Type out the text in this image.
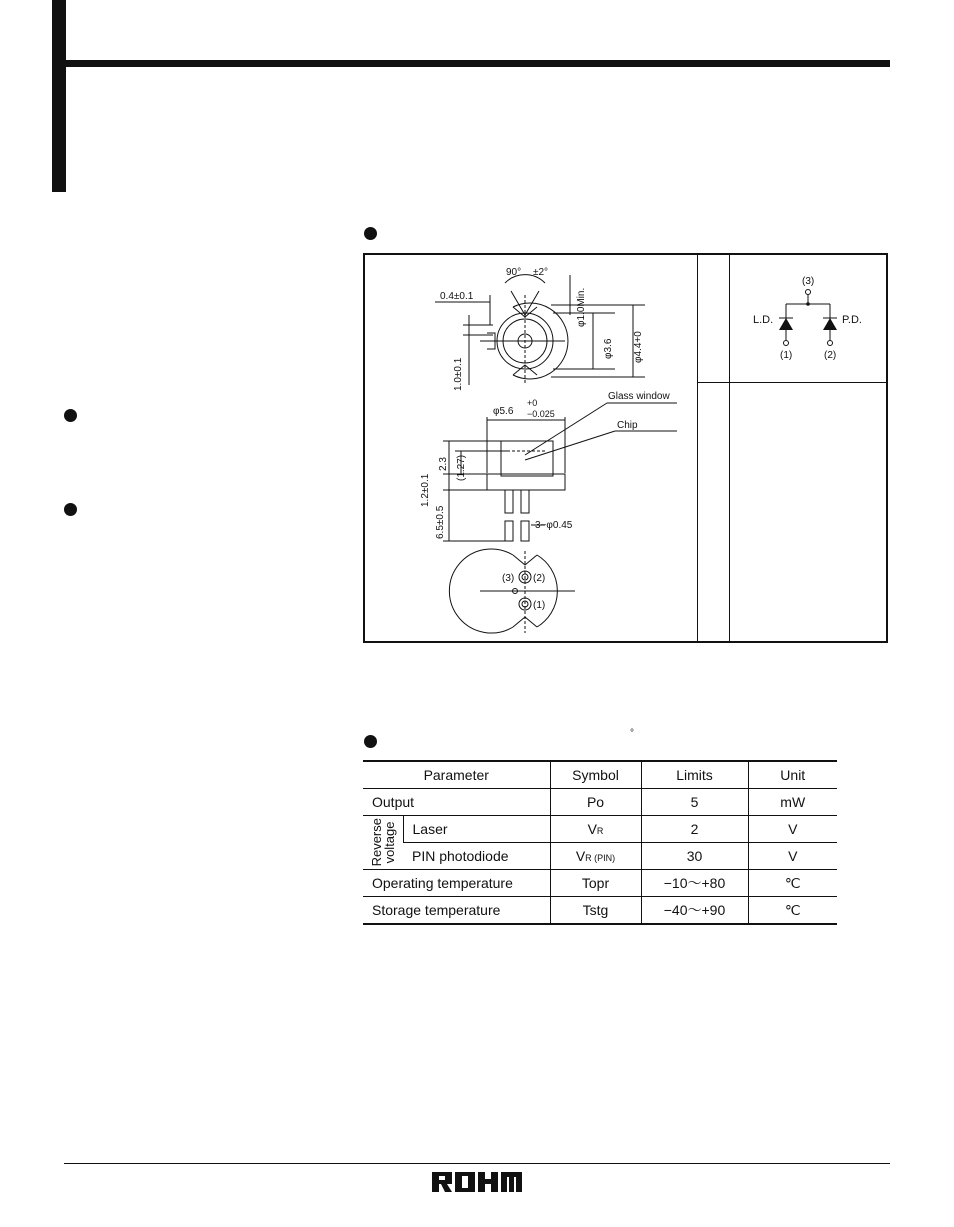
90° ±2°
0.4±0.1	φ1.0Min.
φ3.6 φ4.4+0
1.0±0.1
Glass window
Chip
φ5.6
+0
−0.025
2.3 (1.27)
1.2±0.1
6.5±0.5	3−φ0.45
(3) (2)
(1)
(3)
L.D.	P.D.
(1)	(2)
°
Parameter		Symbol	Limits	Unit
Output		Po	5	mW

Reverse
voltage	Laser	VR	2	V
	PIN photodiode	VR (PIN)	30	V
Operating temperature		Topr	−10〜+80	℃
Storage temperature		Tstg	−40〜+90	℃
